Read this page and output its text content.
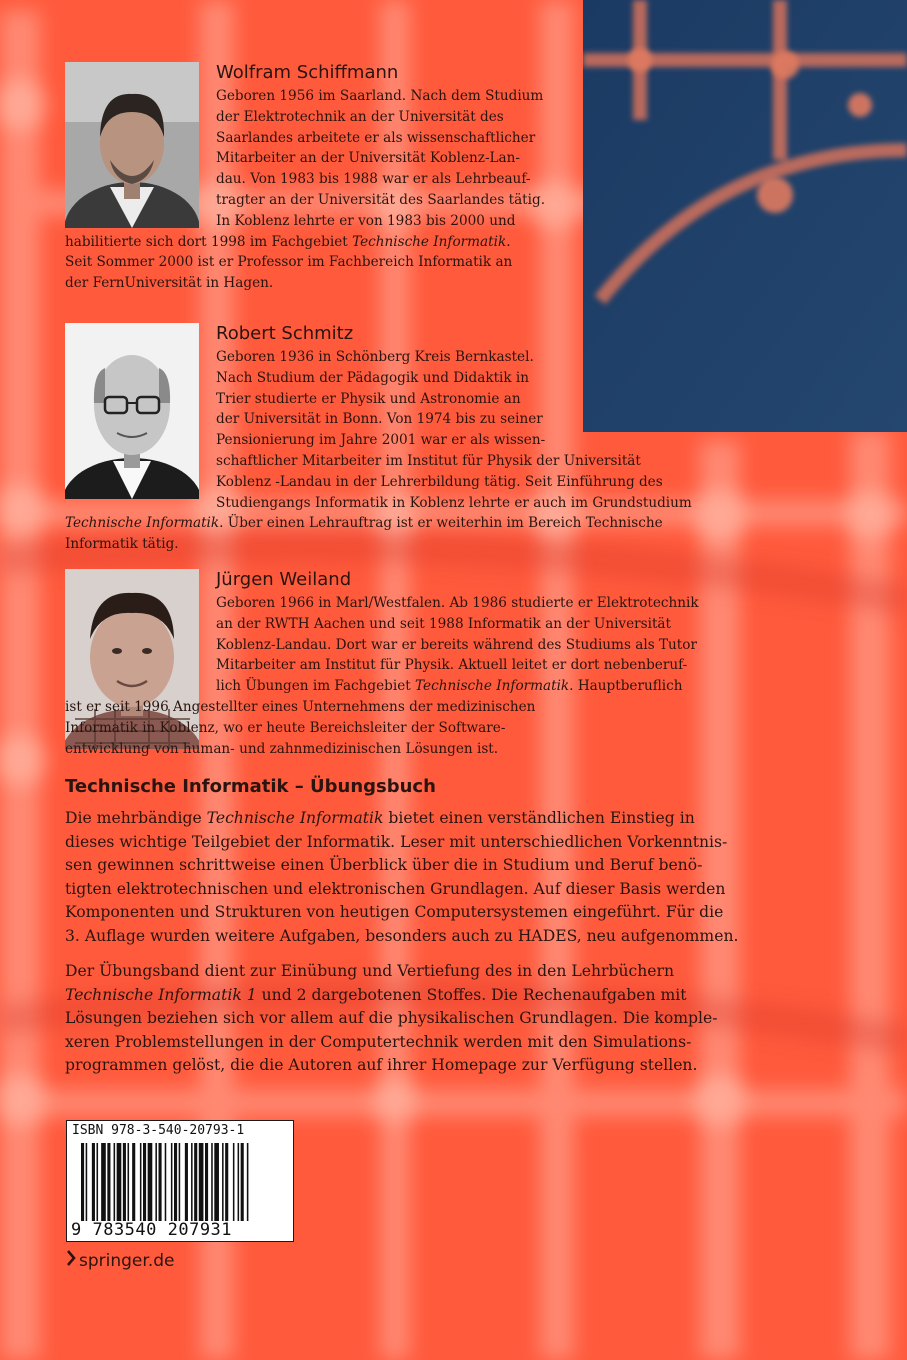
Wolfram Schiffmann

Geboren 1956 im Saarland. Nach dem Studium
der Elektrotechnik an der Universität des
Saarlandes arbeitete er als wissenschaftlicher
Mitarbeiter an der Universität Koblenz-Lan-
dau. Von 1983 bis 1988 war er als Lehrbeauf-
tragter an der Universität des Saarlandes tätig.
In Koblenz lehrte er von 1983 bis 2000 und
habilitierte sich dort 1998 im Fachgebiet Technische Informatik.
Seit Sommer 2000 ist er Professor im Fachbereich Informatik an
der FernUniversität in Hagen.

Robert Schmitz

Geboren 1936 in Schönberg Kreis Bernkastel.
Nach Studium der Pädagogik und Didaktik in
Trier studierte er Physik und Astronomie an
der Universität in Bonn. Von 1974 bis zu seiner
Pensionierung im Jahre 2001 war er als wissen-
schaftlicher Mitarbeiter im Institut für Physik der Universität
Koblenz -Landau in der Lehrerbildung tätig. Seit Einführung des
Studiengangs Informatik in Koblenz lehrte er auch im Grundstudium
Technische Informatik. Über einen Lehrauftrag ist er weiterhin im Bereich Technische
Informatik tätig.

Jürgen Weiland

Geboren 1966 in Marl/Westfalen. Ab 1986 studierte er Elektrotechnik
an der RWTH Aachen und seit 1988 Informatik an der Universität
Koblenz-Landau. Dort war er bereits während des Studiums als Tutor
Mitarbeiter am Institut für Physik. Aktuell leitet er dort nebenberuf-
lich Übungen im Fachgebiet Technische Informatik. Hauptberuflich
ist er seit 1996 Angestellter eines Unternehmens der medizinischen
Informatik in Koblenz, wo er heute Bereichsleiter der Software-
entwicklung von human- und zahnmedizinischen Lösungen ist.

Technische Informatik – Übungsbuch

Die mehrbändige Technische Informatik bietet einen verständlichen Einstieg in
dieses wichtige Teilgebiet der Informatik. Leser mit unterschiedlichen Vorkenntnis-
sen gewinnen schrittweise einen Überblick über die in Studium und Beruf benö-
tigten elektrotechnischen und elektronischen Grundlagen. Auf dieser Basis werden
Komponenten und Strukturen von heutigen Computersystemen eingeführt. Für die
3. Auflage wurden weitere Aufgaben, besonders auch zu HADES, neu aufgenommen.

Der Übungsband dient zur Einübung und Vertiefung des in den Lehrbüchern
Technische Informatik 1 und 2 dargebotenen Stoffes. Die Rechenaufgaben mit
Lösungen beziehen sich vor allem auf die physikalischen Grundlagen. Die komple-
xeren Problemstellungen in der Computertechnik werden mit den Simulations-
programmen gelöst, die die Autoren auf ihrer Homepage zur Verfügung stellen.

ISBN 978-3-540-20793-1

9 783540 207931

springer.de
